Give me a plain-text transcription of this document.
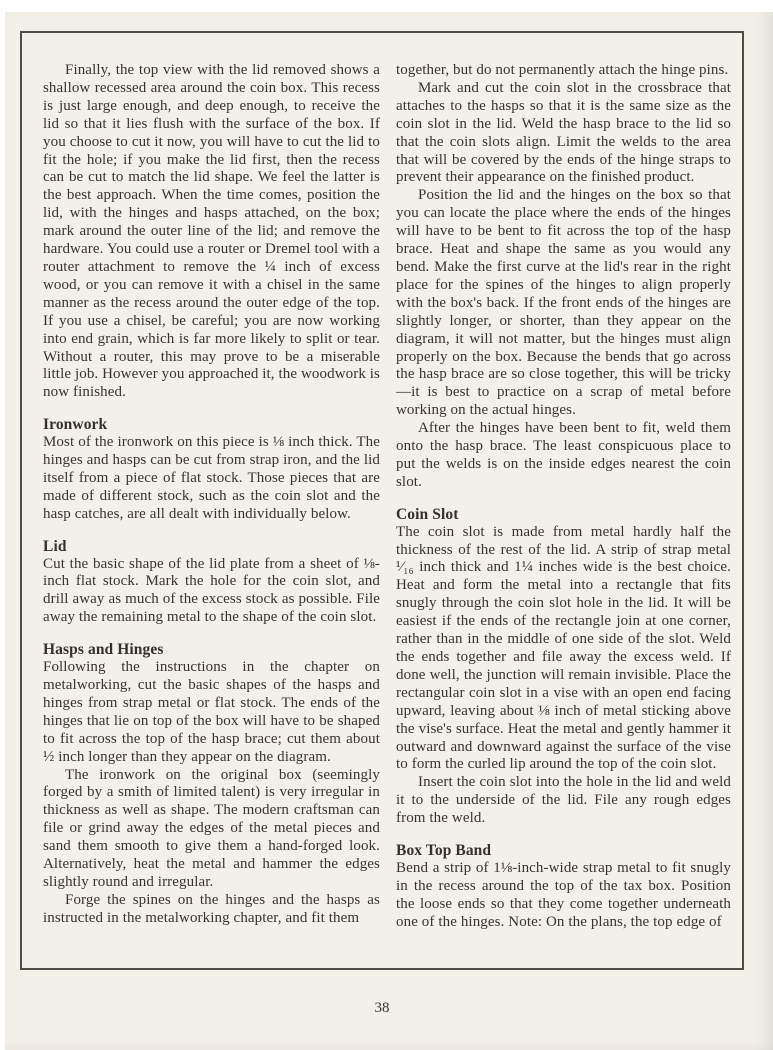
Finally, the top view with the lid removed shows a shallow recessed area around the coin box. This recess is just large enough, and deep enough, to receive the lid so that it lies flush with the surface of the box. If you choose to cut it now, you will have to cut the lid to fit the hole; if you make the lid first, then the recess can be cut to match the lid shape. We feel the latter is the best approach. When the time comes, position the lid, with the hinges and hasps attached, on the box; mark around the outer line of the lid; and remove the hardware. You could use a router or Dremel tool with a router attachment to remove the ¼ inch of excess wood, or you can remove it with a chisel in the same manner as the recess around the outer edge of the top. If you use a chisel, be careful; you are now working into end grain, which is far more likely to split or tear. Without a router, this may prove to be a miserable little job. However you approached it, the woodwork is now finished.

Ironwork

Most of the ironwork on this piece is ⅛ inch thick. The hinges and hasps can be cut from strap iron, and the lid itself from a piece of flat stock. Those pieces that are made of different stock, such as the coin slot and the hasp catches, are all dealt with individually below.

Lid

Cut the basic shape of the lid plate from a sheet of ⅛-inch flat stock. Mark the hole for the coin slot, and drill away as much of the excess stock as possible. File away the remaining metal to the shape of the coin slot.

Hasps and Hinges

Following the instructions in the chapter on metalworking, cut the basic shapes of the hasps and hinges from strap metal or flat stock. The ends of the hinges that lie on top of the box will have to be shaped to fit across the top of the hasp brace; cut them about ½ inch longer than they appear on the diagram.

The ironwork on the original box (seemingly forged by a smith of limited talent) is very irregular in thickness as well as shape. The modern craftsman can file or grind away the edges of the metal pieces and sand them smooth to give them a hand-forged look. Alternatively, heat the metal and hammer the edges slightly round and irregular.

Forge the spines on the hinges and the hasps as instructed in the metalworking chapter, and fit them

together, but do not permanently attach the hinge pins.

Mark and cut the coin slot in the crossbrace that attaches to the hasps so that it is the same size as the coin slot in the lid. Weld the hasp brace to the lid so that the coin slots align. Limit the welds to the area that will be covered by the ends of the hinge straps to prevent their appearance on the finished product.

Position the lid and the hinges on the box so that you can locate the place where the ends of the hinges will have to be bent to fit across the top of the hasp brace. Heat and shape the same as you would any bend. Make the first curve at the lid's rear in the right place for the spines of the hinges to align properly with the box's back. If the front ends of the hinges are slightly longer, or shorter, than they appear on the diagram, it will not matter, but the hinges must align properly on the box. Because the bends that go across the hasp brace are so close together, this will be tricky—it is best to practice on a scrap of metal before working on the actual hinges.

After the hinges have been bent to fit, weld them onto the hasp brace. The least conspicuous place to put the welds is on the inside edges nearest the coin slot.

Coin Slot

The coin slot is made from metal hardly half the thickness of the rest of the lid. A strip of strap metal ¹⁄₁₆ inch thick and 1¼ inches wide is the best choice. Heat and form the metal into a rectangle that fits snugly through the coin slot hole in the lid. It will be easiest if the ends of the rectangle join at one corner, rather than in the middle of one side of the slot. Weld the ends together and file away the excess weld. If done well, the junction will remain invisible. Place the rectangular coin slot in a vise with an open end facing upward, leaving about ⅛ inch of metal sticking above the vise's surface. Heat the metal and gently hammer it outward and downward against the surface of the vise to form the curled lip around the top of the coin slot.

Insert the coin slot into the hole in the lid and weld it to the underside of the lid. File any rough edges from the weld.

Box Top Band

Bend a strip of 1⅛-inch-wide strap metal to fit snugly in the recess around the top of the tax box. Position the loose ends so that they come together underneath one of the hinges. Note: On the plans, the top edge of

38
